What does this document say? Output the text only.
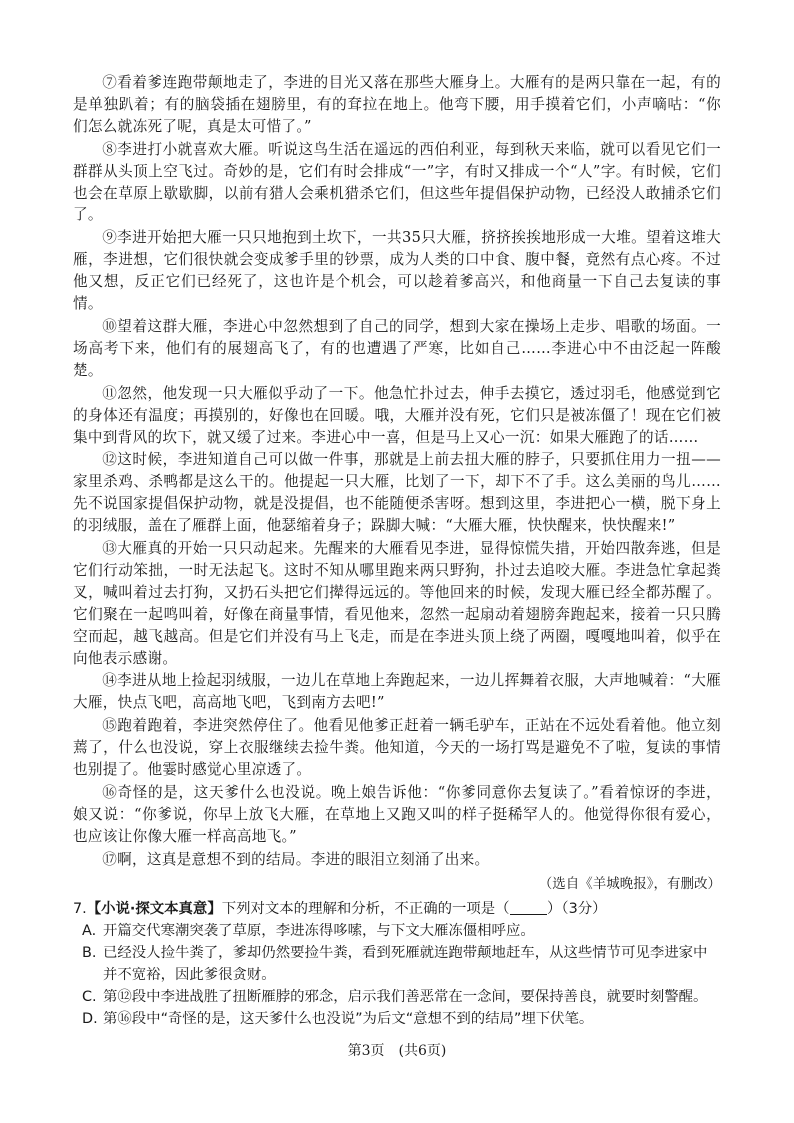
⑦看着爹连跑带颠地走了，李进的目光又落在那些大雁身上。大雁有的是两只靠在一起，有的是单独趴着；有的脑袋插在翅膀里，有的耷拉在地上。他弯下腰，用手摸着它们，小声嘀咕：“你们怎么就冻死了呢，真是太可惜了。”

⑧李进打小就喜欢大雁。听说这鸟生活在遥远的西伯利亚，每到秋天来临，就可以看见它们一群群从头顶上空飞过。奇妙的是，它们有时会排成“一”字，有时又排成一个“人”字。有时候，它们也会在草原上歇歇脚，以前有猎人会乘机猎杀它们，但这些年提倡保护动物，已经没人敢捕杀它们了。

⑨李进开始把大雁一只只地抱到土坎下，一共35只大雁，挤挤挨挨地形成一大堆。望着这堆大雁，李进想，它们很快就会变成爹手里的钞票，成为人类的口中食、腹中餐，竟然有点心疼。不过他又想，反正它们已经死了，这也许是个机会，可以趁着爹高兴，和他商量一下自己去复读的事情。

⑩望着这群大雁，李进心中忽然想到了自己的同学，想到大家在操场上走步、唱歌的场面。一场高考下来，他们有的展翅高飞了，有的也遭遇了严寒，比如自己……李进心中不由泛起一阵酸楚。

⑪忽然，他发现一只大雁似乎动了一下。他急忙扑过去，伸手去摸它，透过羽毛，他感觉到它的身体还有温度；再摸别的，好像也在回暖。哦，大雁并没有死，它们只是被冻僵了！现在它们被集中到背风的坎下，就又缓了过来。李进心中一喜，但是马上又心一沉：如果大雁跑了的话……

⑫这时候，李进知道自己可以做一件事，那就是上前去扭大雁的脖子，只要抓住用力一扭——家里杀鸡、杀鸭都是这么干的。他提起一只大雁，比划了一下，却下不了手。这么美丽的鸟儿……先不说国家提倡保护动物，就是没提倡，也不能随便杀害呀。想到这里，李进把心一横，脱下身上的羽绒服，盖在了雁群上面，他瑟缩着身子；跺脚大喊：“大雁大雁，快快醒来，快快醒来!”

⑬大雁真的开始一只只动起来。先醒来的大雁看见李进，显得惊慌失措，开始四散奔逃，但是它们行动笨拙，一时无法起飞。这时不知从哪里跑来两只野狗，扑过去追咬大雁。李进急忙拿起粪叉，喊叫着过去打狗，又扔石头把它们撵得远远的。等他回来的时候，发现大雁已经全都苏醒了。它们聚在一起鸣叫着，好像在商量事情，看见他来，忽然一起扇动着翅膀奔跑起来，接着一只只腾空而起，越飞越高。但是它们并没有马上飞走，而是在李进头顶上绕了两圈，嘎嘎地叫着，似乎在向他表示感谢。

⑭李进从地上捡起羽绒服，一边儿在草地上奔跑起来，一边儿挥舞着衣服，大声地喊着：“大雁大雁，快点飞吧，高高地飞吧，飞到南方去吧!”

⑮跑着跑着，李进突然停住了。他看见他爹正赶着一辆毛驴车，正站在不远处看着他。他立刻蔫了，什么也没说，穿上衣服继续去捡牛粪。他知道，今天的一场打骂是避免不了啦，复读的事情也别提了。他霎时感觉心里凉透了。

⑯奇怪的是，这天爹什么也没说。晚上娘告诉他：“你爹同意你去复读了。”看着惊讶的李进，娘又说：“你爹说，你早上放飞大雁，在草地上又跑又叫的样子挺稀罕人的。他觉得你很有爱心，也应该让你像大雁一样高高地飞。”

⑰啊，这真是意想不到的结局。李进的眼泪立刻涌了出来。

（选自《羊城晚报》，有删改）

7.【小说·探文本真意】下列对文本的理解和分析，不正确的一项是（	）（3分）

A. 开篇交代寒潮突袭了草原，李进冻得哆嗦，与下文大雁冻僵相呼应。

B. 已经没人捡牛粪了，爹却仍然要捡牛粪，看到死雁就连跑带颠地赶车，从这些情节可见李进家中并不宽裕，因此爹很贪财。

C. 第⑫段中李进战胜了扭断雁脖的邪念，启示我们善恶常在一念间，要保持善良，就要时刻警醒。

D. 第⑯段中“奇怪的是，这天爹什么也没说”为后文“意想不到的结局”埋下伏笔。

第3页　(共6页)
